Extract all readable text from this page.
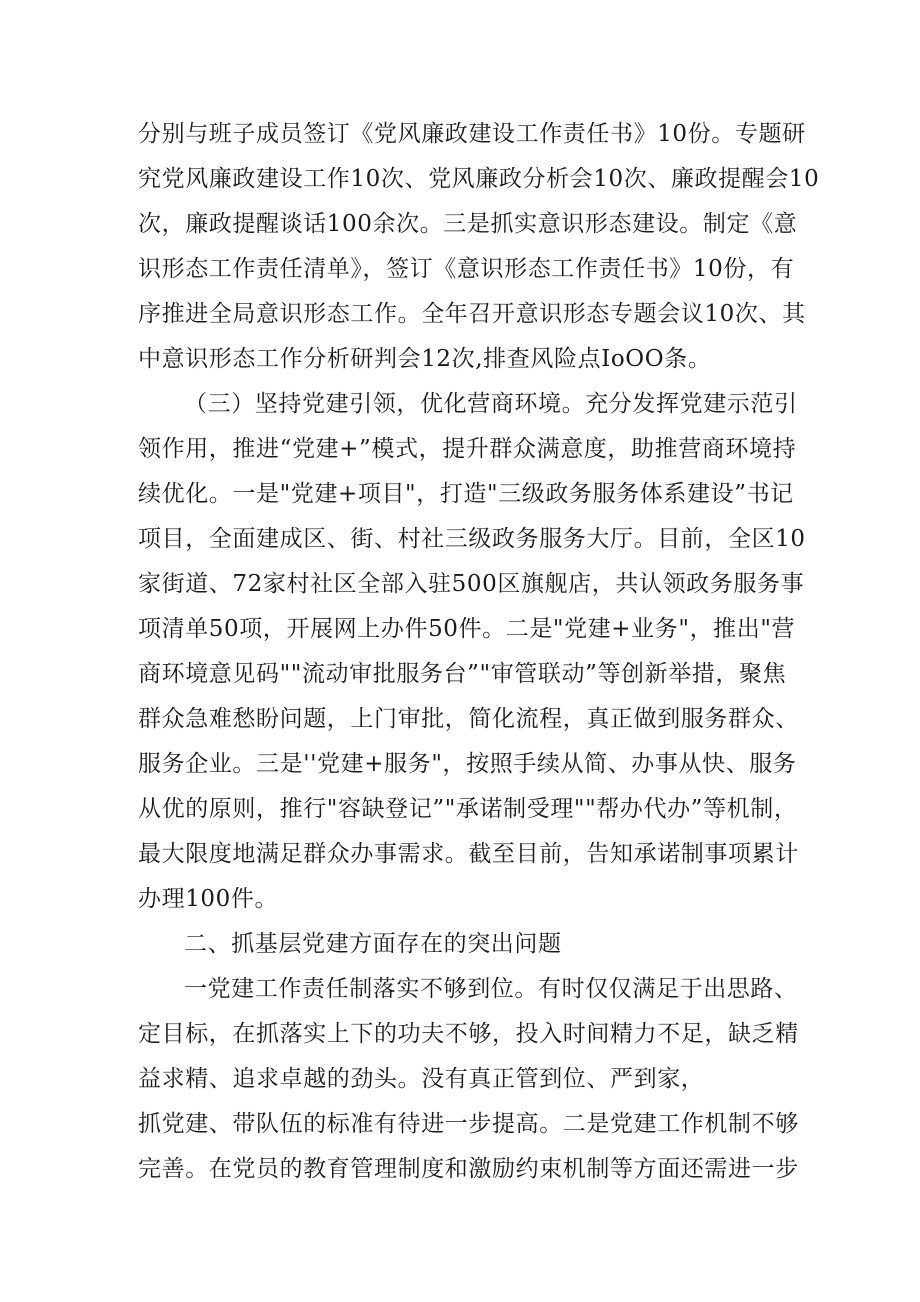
分别与班子成员签订《党风廉政建设工作责任书》10份。专题研

究党风廉政建设工作10次、党风廉政分析会10次、廉政提醒会10

次，廉政提醒谈话100余次。三是抓实意识形态建设。制定《意

识形态工作责任清单》，签订《意识形态工作责任书》10份，有

序推进全局意识形态工作。全年召开意识形态专题会议10次、其

中意识形态工作分析研判会12次,排查风险点IoOO条。

（三）坚持党建引领，优化营商环境。充分发挥党建示范引

领作用，推进“党建+”模式，提升群众满意度，助推营商环境持

续优化。一是"党建+项目"，打造"三级政务服务体系建设”书记

项目，全面建成区、街、村社三级政务服务大厅。目前，全区10

家街道、72家村社区全部入驻500区旗舰店，共认领政务服务事

项清单50项，开展网上办件50件。二是"党建+业务"，推出"营

商环境意见码""流动审批服务台”"审管联动”等创新举措，聚焦

群众急难愁盼问题，上门审批，简化流程，真正做到服务群众、

服务企业。三是''党建+服务"，按照手续从简、办事从快、服务

从优的原则，推行"容缺登记”"承诺制受理""帮办代办”等机制，

最大限度地满足群众办事需求。截至目前，告知承诺制事项累计

办理100件。

二、抓基层党建方面存在的突出问题

一党建工作责任制落实不够到位。有时仅仅满足于出思路、

定目标，在抓落实上下的功夫不够，投入时间精力不足，缺乏精

益求精、追求卓越的劲头。没有真正管到位、严到家，

抓党建、带队伍的标准有待进一步提高。二是党建工作机制不够

完善。在党员的教育管理制度和激励约束机制等方面还需进一步
